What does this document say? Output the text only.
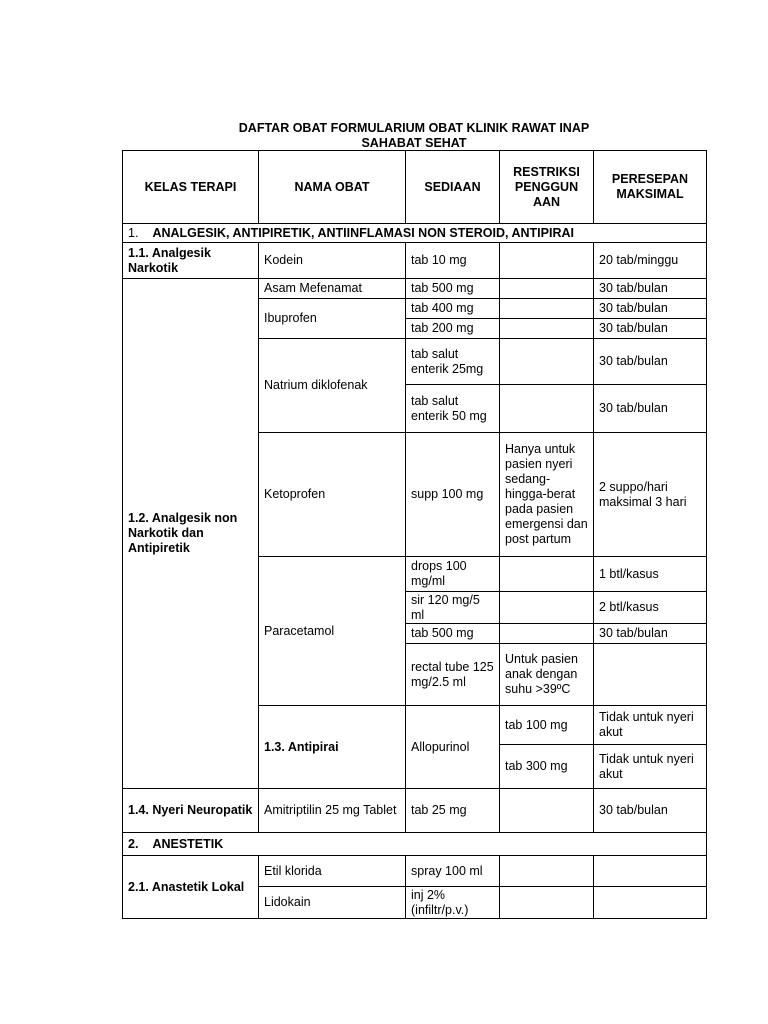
DAFTAR OBAT FORMULARIUM OBAT KLINIK RAWAT INAP
SAHABAT SEHAT
KELAS TERAPI	NAMA OBAT	SEDIAAN	RESTRIKSI PENGGUN AAN	PERESEPAN MAKSIMAL	
1. ANALGESIK, ANTIPIRETIK, ANTIINFLAMASI NON STEROID, ANTIPIRAI					
1.1. Analgesik Narkotik	Kodein	tab 10 mg		20 tab/minggu	
1.2. Analgesik non Narkotik dan Antipiretik	Asam Mefenamat	tab 500 mg		30 tab/bulan	
	Ibuprofen	tab 400 mg		30 tab/bulan	
		tab 200 mg		30 tab/bulan	
	Natrium diklofenak	tab salut enterik 25mg		30 tab/bulan	
		tab salut enterik 50 mg		30 tab/bulan	
	Ketoprofen	supp 100 mg	Hanya untuk pasien nyeri sedang-hingga-berat pada pasien emergensi dan post partum	2 suppo/hari maksimal 3 hari	
	Paracetamol	drops 100 mg/ml		1 btl/kasus	
		sir 120 mg/5 ml		2 btl/kasus	
		tab 500 mg		30 tab/bulan	
		rectal tube 125 mg/2.5 ml	Untuk pasien anak dengan suhu >39ºC		
	1.3. Antipirai	Allopurinol	tab 100 mg	Tidak untuk nyeri akut	
			tab 300 mg	Tidak untuk nyeri akut	
1.4. Nyeri Neuropatik	Amitriptilin 25 mg Tablet	tab 25 mg		30 tab/bulan	
2. ANESTETIK					
2.1. Anastetik Lokal	Etil klorida	spray 100 ml			
	Lidokain	inj 2% (infiltr/p.v.)			
